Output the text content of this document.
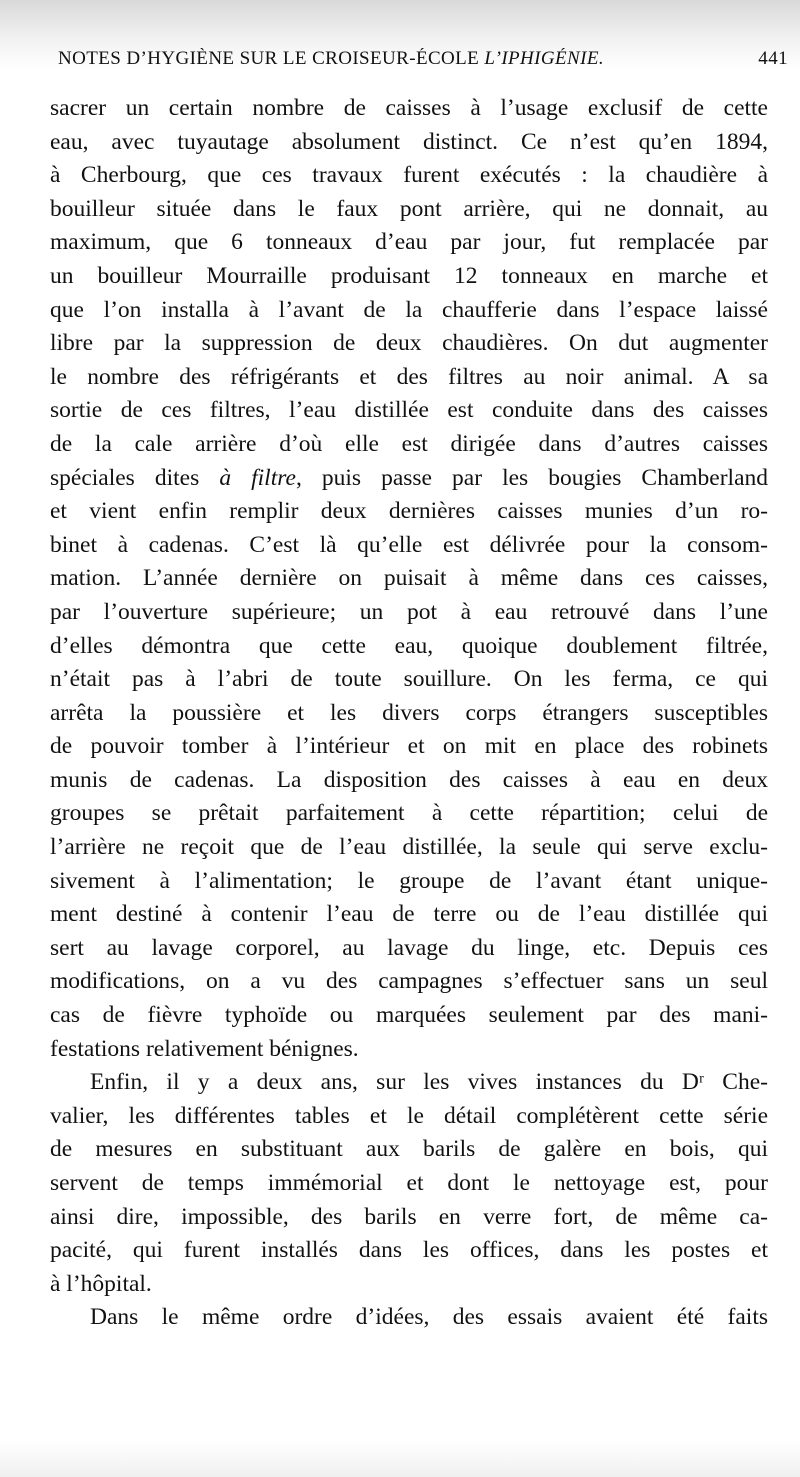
NOTES D’HYGIÈNE SUR LE CROISEUR-ÉCOLE L’IPHIGÉNIE.	441
sacrer un certain nombre de caisses à l’usage exclusif de cette
eau, avec tuyautage absolument distinct. Ce n’est qu’en 1894,
à Cherbourg, que ces travaux furent exécutés : la chaudière à
bouilleur située dans le faux pont arrière, qui ne donnait, au
maximum, que 6 tonneaux d’eau par jour, fut remplacée par
un bouilleur Mourraille produisant 12 tonneaux en marche et
que l’on installa à l’avant de la chaufferie dans l’espace laissé
libre par la suppression de deux chaudières. On dut augmenter
le nombre des réfrigérants et des filtres au noir animal. A sa
sortie de ces filtres, l’eau distillée est conduite dans des caisses
de la cale arrière d’où elle est dirigée dans d’autres caisses
spéciales dites à filtre, puis passe par les bougies Chamberland
et vient enfin remplir deux dernières caisses munies d’un ro-
binet à cadenas. C’est là qu’elle est délivrée pour la consom-
mation. L’année dernière on puisait à même dans ces caisses,
par l’ouverture supérieure; un pot à eau retrouvé dans l’une
d’elles démontra que cette eau, quoique doublement filtrée,
n’était pas à l’abri de toute souillure. On les ferma, ce qui
arrêta la poussière et les divers corps étrangers susceptibles
de pouvoir tomber à l’intérieur et on mit en place des robinets
munis de cadenas. La disposition des caisses à eau en deux
groupes se prêtait parfaitement à cette répartition; celui de
l’arrière ne reçoit que de l’eau distillée, la seule qui serve exclu-
sivement à l’alimentation; le groupe de l’avant étant unique-
ment destiné à contenir l’eau de terre ou de l’eau distillée qui
sert au lavage corporel, au lavage du linge, etc. Depuis ces
modifications, on a vu des campagnes s’effectuer sans un seul
cas de fièvre typhoïde ou marquées seulement par des mani-
festations relativement bénignes.
Enfin, il y a deux ans, sur les vives instances du Dʳ Che-
valier, les différentes tables et le détail complétèrent cette série
de mesures en substituant aux barils de galère en bois, qui
servent de temps immémorial et dont le nettoyage est, pour
ainsi dire, impossible, des barils en verre fort, de même ca-
pacité, qui furent installés dans les offices, dans les postes et
à l’hôpital.
Dans le même ordre d’idées, des essais avaient été faits
